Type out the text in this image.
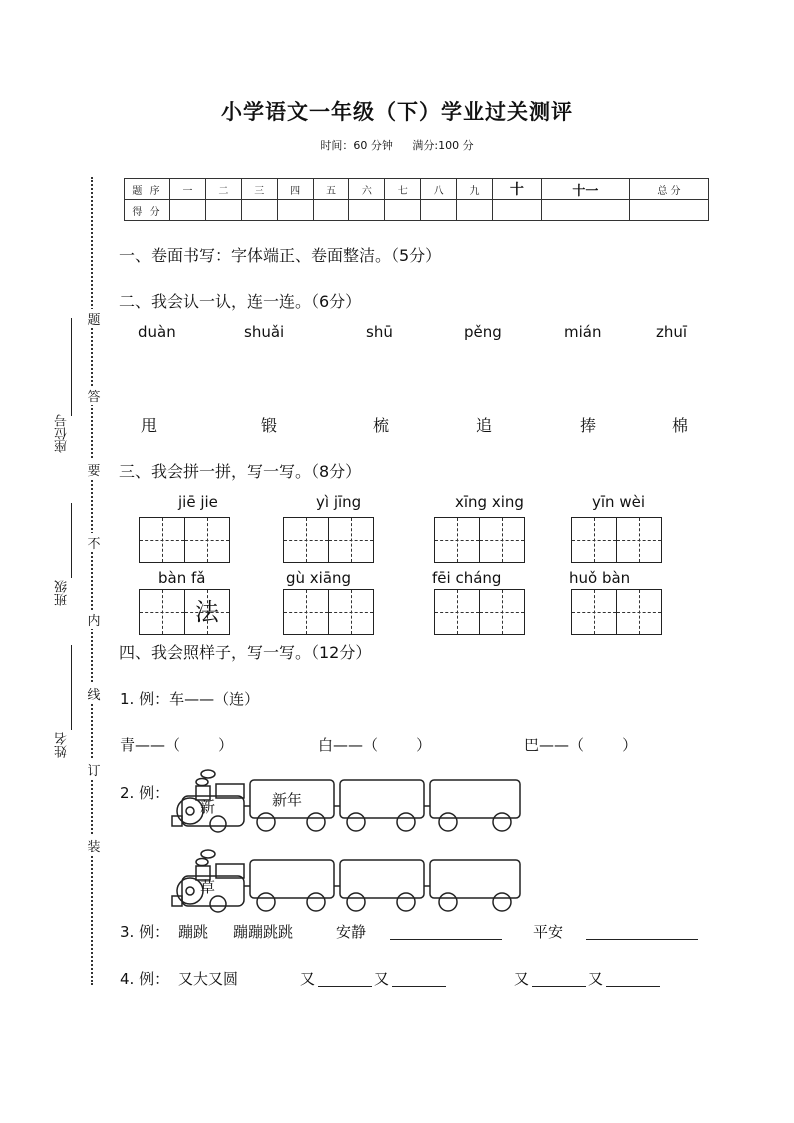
小学语文一年级（下）学业过关测评
时间：60 分钟 满分:100 分
题
答
要
不
内
线
订
装
座位号
班级
姓名
题 序	一	二	三	四	五	六	七	八	九	十	十一	总 分
得 分												
一、卷面书写：字体端正、卷面整洁。（5分）
二、我会认一认，连一连。（6分）
duàn	shuǎi	shū	pěng	mián	zhuī
甩	锻	梳	追	捧	棉
三、我会拼一拼，写一写。（8分）
jiē jie	yì jīng	xīng xing	yīn wèi
bàn fǎ	gù xiāng	fēi cháng	huǒ bàn
法
四、我会照样子，写一写。（12分）
1. 例：车——（连）
青——（        ）	白——（        ）	巴——（        ）
2. 例：
新	新年
草
3. 例： 蹦跳 蹦蹦跳跳	安静	平安
4. 例： 又大又圆	又	又	又	又
